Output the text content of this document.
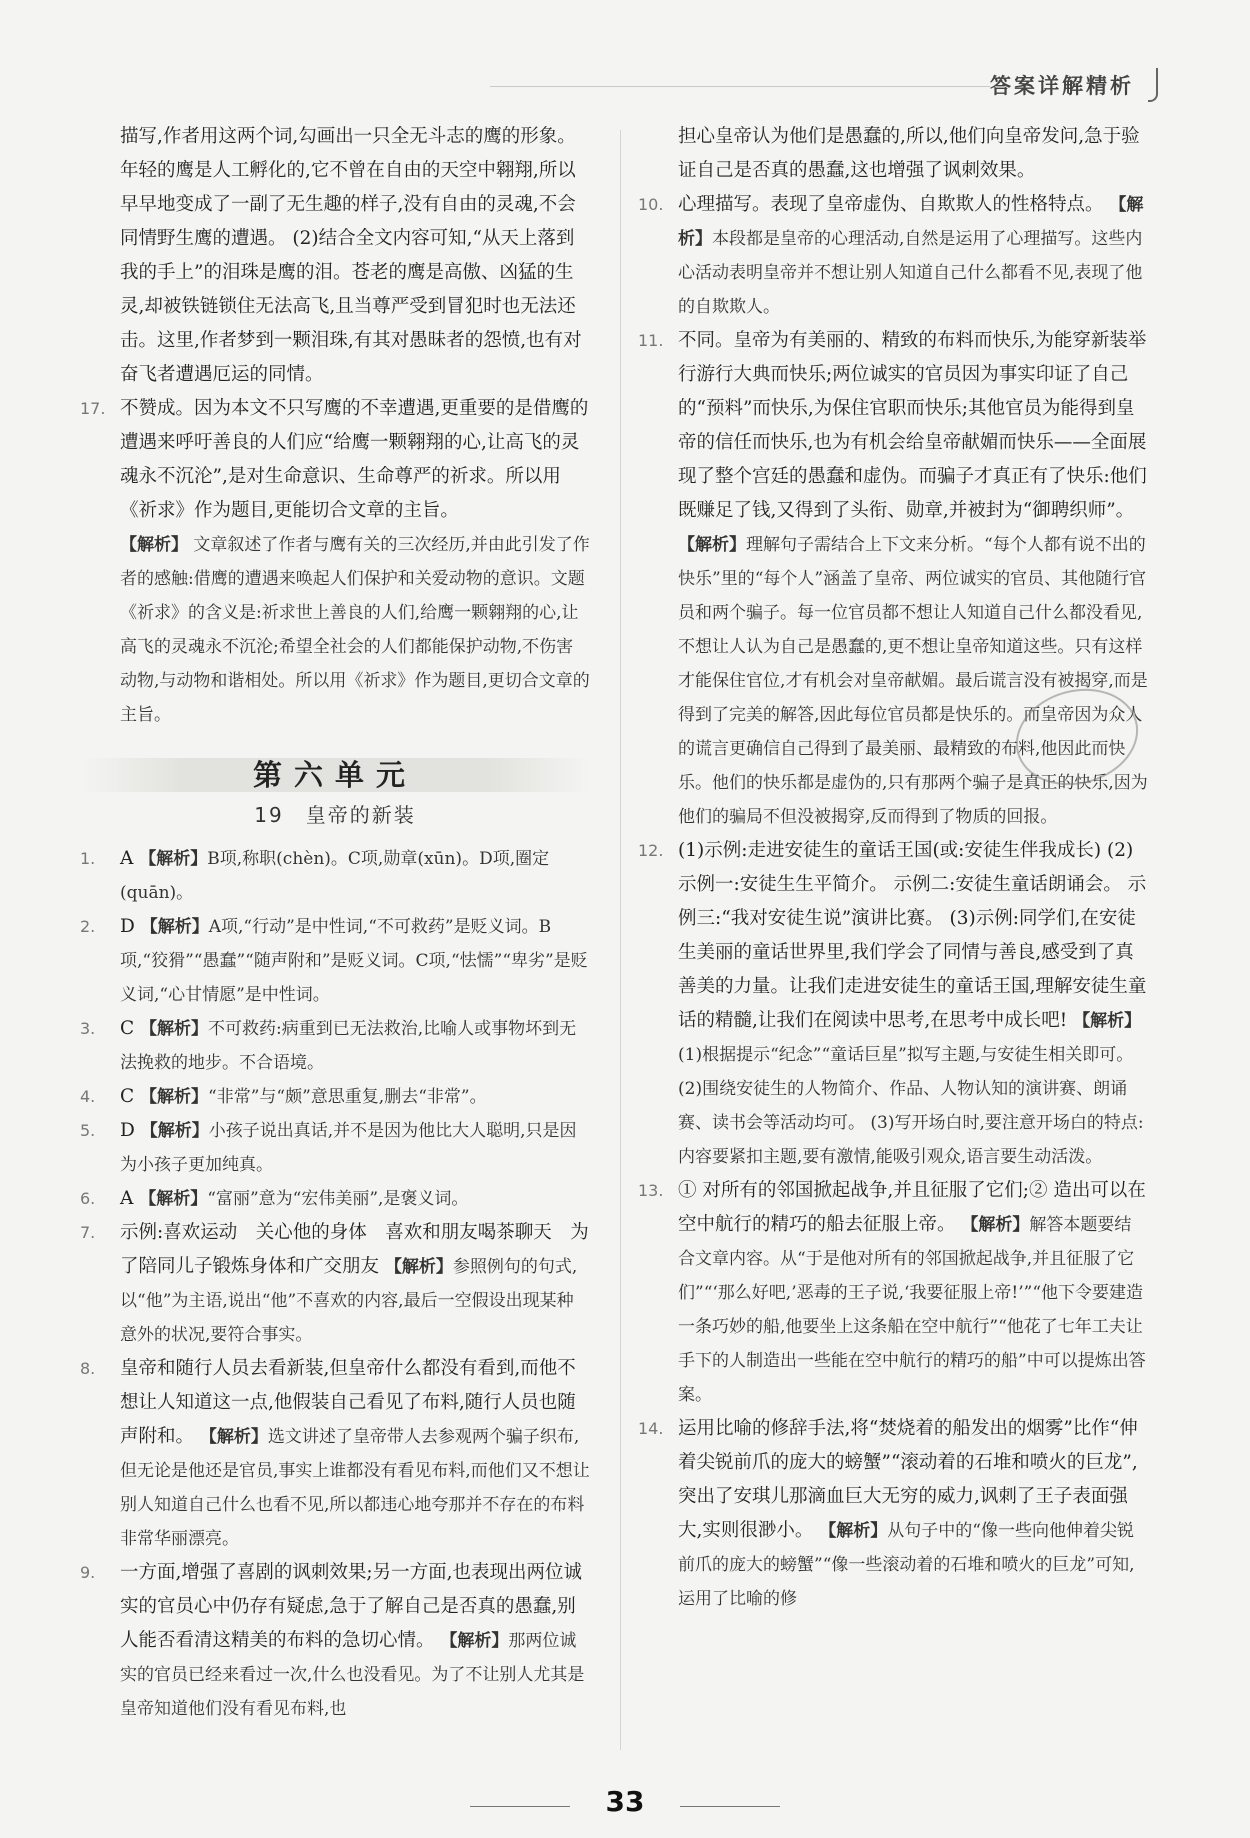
答案详解精析
描写,作者用这两个词,勾画出一只全无斗志的鹰的形象。年轻的鹰是人工孵化的,它不曾在自由的天空中翱翔,所以早早地变成了一副了无生趣的样子,没有自由的灵魂,不会同情野生鹰的遭遇。 (2)结合全文内容可知,“从天上落到我的手上”的泪珠是鹰的泪。苍老的鹰是高傲、凶猛的生灵,却被铁链锁住无法高飞,且当尊严受到冒犯时也无法还击。这里,作者梦到一颗泪珠,有其对愚昧者的怨愤,也有对奋飞者遭遇厄运的同情。
17. 不赞成。因为本文不只写鹰的不幸遭遇,更重要的是借鹰的遭遇来呼吁善良的人们应“给鹰一颗翱翔的心,让高飞的灵魂永不沉沦”,是对生命意识、生命尊严的祈求。所以用《祈求》作为题目,更能切合文章的主旨。
【解析】 文章叙述了作者与鹰有关的三次经历,并由此引发了作者的感触:借鹰的遭遇来唤起人们保护和关爱动物的意识。文题《祈求》的含义是:祈求世上善良的人们,给鹰一颗翱翔的心,让高飞的灵魂永不沉沦;希望全社会的人们都能保护动物,不伤害动物,与动物和谐相处。所以用《祈求》作为题目,更切合文章的主旨。
第六单元
19　皇帝的新装
1. A 【解析】B项,称职(chèn)。C项,勋章(xūn)。D项,圈定(quān)。
2. D 【解析】A项,“行动”是中性词,“不可救药”是贬义词。B项,“狡猾”“愚蠢”“随声附和”是贬义词。C项,“怯懦”“卑劣”是贬义词,“心甘情愿”是中性词。
3. C 【解析】不可救药:病重到已无法救治,比喻人或事物坏到无法挽救的地步。不合语境。
4. C 【解析】“非常”与“颇”意思重复,删去“非常”。
5. D 【解析】小孩子说出真话,并不是因为他比大人聪明,只是因为小孩子更加纯真。
6. A 【解析】“富丽”意为“宏伟美丽”,是褒义词。
7. 示例:喜欢运动　关心他的身体　喜欢和朋友喝茶聊天　为了陪同儿子锻炼身体和广交朋友 【解析】参照例句的句式,以“他”为主语,说出“他”不喜欢的内容,最后一空假设出现某种意外的状况,要符合事实。
8. 皇帝和随行人员去看新装,但皇帝什么都没有看到,而他不想让人知道这一点,他假装自己看见了布料,随行人员也随声附和。 【解析】选文讲述了皇帝带人去参观两个骗子织布,但无论是他还是官员,事实上谁都没有看见布料,而他们又不想让别人知道自己什么也看不见,所以都违心地夸那并不存在的布料非常华丽漂亮。
9. 一方面,增强了喜剧的讽刺效果;另一方面,也表现出两位诚实的官员心中仍存有疑虑,急于了解自己是否真的愚蠢,别人能否看清这精美的布料的急切心情。 【解析】那两位诚实的官员已经来看过一次,什么也没看见。为了不让别人尤其是皇帝知道他们没有看见布料,也
担心皇帝认为他们是愚蠢的,所以,他们向皇帝发问,急于验证自己是否真的愚蠢,这也增强了讽刺效果。
10. 心理描写。表现了皇帝虚伪、自欺欺人的性格特点。 【解析】本段都是皇帝的心理活动,自然是运用了心理描写。这些内心活动表明皇帝并不想让别人知道自己什么都看不见,表现了他的自欺欺人。
11. 不同。皇帝为有美丽的、精致的布料而快乐,为能穿新装举行游行大典而快乐;两位诚实的官员因为事实印证了自己的“预料”而快乐,为保住官职而快乐;其他官员为能得到皇帝的信任而快乐,也为有机会给皇帝献媚而快乐——全面展现了整个宫廷的愚蠢和虚伪。而骗子才真正有了快乐:他们既赚足了钱,又得到了头衔、勋章,并被封为“御聘织师”。 【解析】理解句子需结合上下文来分析。“每个人都有说不出的快乐”里的“每个人”涵盖了皇帝、两位诚实的官员、其他随行官员和两个骗子。每一位官员都不想让人知道自己什么都没看见,不想让人认为自己是愚蠢的,更不想让皇帝知道这些。只有这样才能保住官位,才有机会对皇帝献媚。最后谎言没有被揭穿,而是得到了完美的解答,因此每位官员都是快乐的。而皇帝因为众人的谎言更确信自己得到了最美丽、最精致的布料,他因此而快乐。他们的快乐都是虚伪的,只有那两个骗子是真正的快乐,因为他们的骗局不但没被揭穿,反而得到了物质的回报。
12. (1)示例:走进安徒生的童话王国(或:安徒生伴我成长) (2)示例一:安徒生生平简介。 示例二:安徒生童话朗诵会。 示例三:“我对安徒生说”演讲比赛。 (3)示例:同学们,在安徒生美丽的童话世界里,我们学会了同情与善良,感受到了真善美的力量。让我们走进安徒生的童话王国,理解安徒生童话的精髓,让我们在阅读中思考,在思考中成长吧! 【解析】(1)根据提示“纪念”“童话巨星”拟写主题,与安徒生相关即可。 (2)围绕安徒生的人物简介、作品、人物认知的演讲赛、朗诵赛、读书会等活动均可。 (3)写开场白时,要注意开场白的特点:内容要紧扣主题,要有激情,能吸引观众,语言要生动活泼。
13. ① 对所有的邻国掀起战争,并且征服了它们;② 造出可以在空中航行的精巧的船去征服上帝。 【解析】解答本题要结合文章内容。从“于是他对所有的邻国掀起战争,并且征服了它们”“‘那么好吧,’恶毒的王子说,‘我要征服上帝!’”“他下令要建造一条巧妙的船,他要坐上这条船在空中航行”“他花了七年工夫让手下的人制造出一些能在空中航行的精巧的船”中可以提炼出答案。
14. 运用比喻的修辞手法,将“焚烧着的船发出的烟雾”比作“伸着尖锐前爪的庞大的螃蟹”“滚动着的石堆和喷火的巨龙”,突出了安琪儿那滴血巨大无穷的威力,讽刺了王子表面强大,实则很渺小。 【解析】从句子中的“像一些向他伸着尖锐前爪的庞大的螃蟹”“像一些滚动着的石堆和喷火的巨龙”可知,运用了比喻的修
33
